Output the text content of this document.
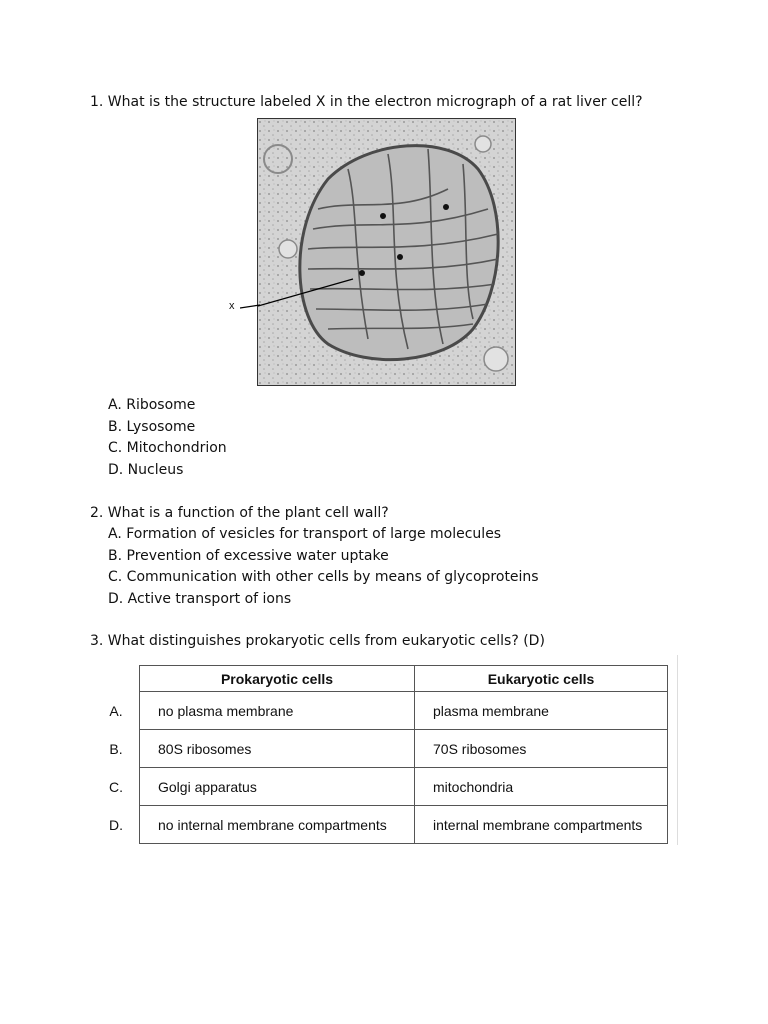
1. What is the structure labeled X in the electron micrograph of a rat liver cell?
x
A. Ribosome
B. Lysosome
C. Mitochondrion
D. Nucleus
2. What is a function of the plant cell wall?
A. Formation of vesicles for transport of large molecules
B. Prevention of excessive water uptake
C. Communication with other cells by means of glycoproteins
D. Active transport of ions
3. What distinguishes prokaryotic cells from eukaryotic cells? (D)
	Prokaryotic cells	Eukaryotic cells
A.	no plasma membrane	plasma membrane
B.	80S ribosomes	70S ribosomes
C.	Golgi apparatus	mitochondria
D.	no internal membrane compartments	internal membrane compartments
